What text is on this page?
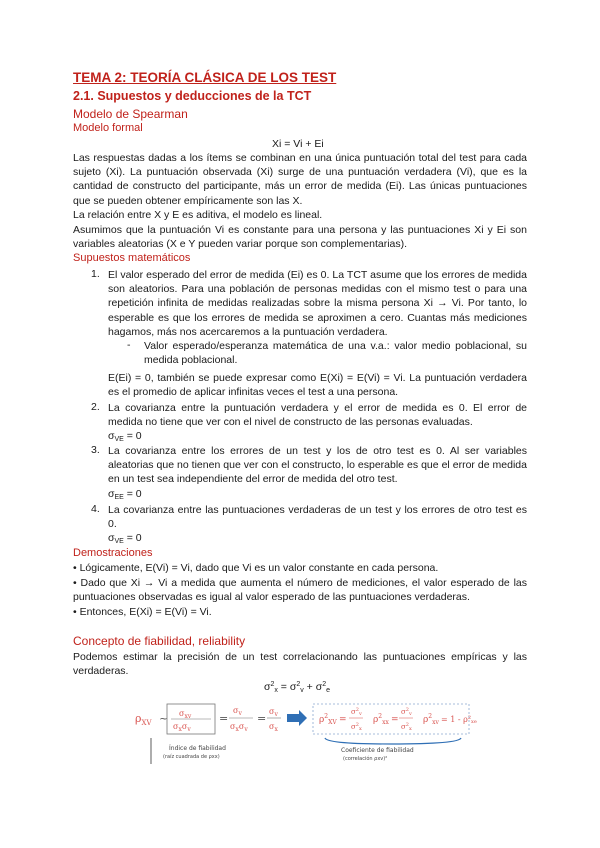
TEMA 2: TEORÍA CLÁSICA DE LOS TEST
2.1. Supuestos y deducciones de la TCT
Modelo de Spearman
Modelo formal
Xi = Vi + Ei
Las respuestas dadas a los ítems se combinan en una única puntuación total del test para cada sujeto (Xi). La puntuación observada (Xi) surge de una puntuación verdadera (Vi), que es la cantidad de constructo del participante, más un error de medida (Ei). Las únicas puntuaciones que se pueden obtener empíricamente son las X.
La relación entre X y E es aditiva, el modelo es lineal.
Asumimos que la puntuación Vi es constante para una persona y las puntuaciones Xi y Ei son variables aleatorias (X e Y pueden variar porque son complementarias).
Supuestos matemáticos
1. El valor esperado del error de medida (Ei) es 0. La TCT asume que los errores de medida son aleatorios. Para una población de personas medidas con el mismo test o para una repetición infinita de medidas realizadas sobre la misma persona Xi → Vi. Por tanto, lo esperable es que los errores de medida se aproximen a cero. Cuantas más mediciones hagamos, más nos acercaremos a la puntuación verdadera.
- Valor esperado/esperanza matemática de una v.a.: valor medio poblacional, su medida poblacional.
E(Ei) = 0, también se puede expresar como E(Xi) = E(Vi) = Vi. La puntuación verdadera es el promedio de aplicar infinitas veces el test a una persona.
2. La covarianza entre la puntuación verdadera y el error de medida es 0. El error de medida no tiene que ver con el nivel de constructo de las personas evaluadas.
σVE = 0
3. La covarianza entre los errores de un test y los de otro test es 0. Al ser variables aleatorias que no tienen que ver con el constructo, lo esperable es que el error de medida en un test sea independiente del error de medida del otro test.
σEE = 0
4. La covarianza entre las puntuaciones verdaderas de un test y los errores de otro test es 0.
σVE = 0
Demostraciones
• Lógicamente, E(Vi) = Vi, dado que Vi es un valor constante en cada persona.
• Dado que Xi → Vi a medida que aumenta el número de mediciones, el valor esperado de las puntuaciones observadas es igual al valor esperado de las puntuaciones verdaderas.
• Entonces, E(Xi) = E(Vi) = Vi.
Concepto de fiabilidad, reliability
Podemos estimar la precisión de un test correlacionando las puntuaciones empíricas y las verdaderas.
$\sigma^2x = \sigma^2v + \sigma^2e$
$\rho_{XV}$ ~ $\sigma_{xv}$
$\sigma_x\sigma_v$
=
$\sigma_v$
$\sigma_x\sigma_v$
=
$\sigma_v$
$\sigma_x$
$\rho^2_{XV}$ =
$\sigma^2_v$
$\sigma^2_x$
$\rho^2_{xx}$ =
$\sigma^2_v$
$\sigma^2_x$
$\rho^2_{xv} = 1 - \rho^2_{xe}$
Índice de fiabilidad
(raíz cuadrada de ρxx)
Coeficiente de fiabilidad
(correlación ρxv)²
